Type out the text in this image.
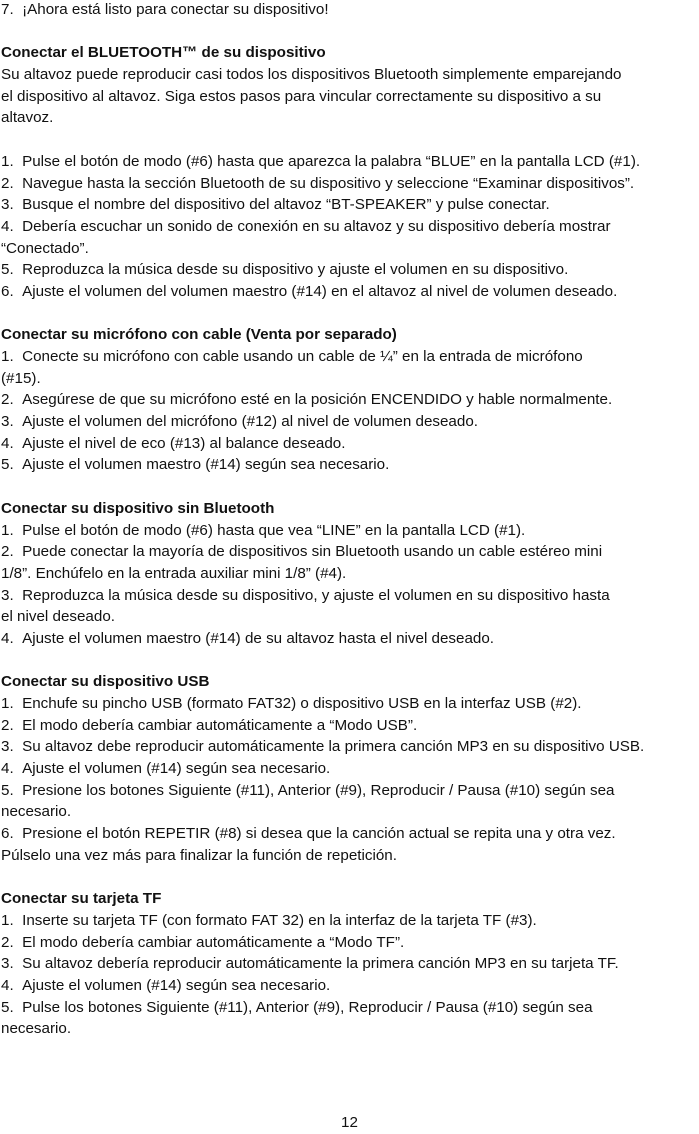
7.  ¡Ahora está listo para conectar su dispositivo!
Conectar el BLUETOOTH™ de su dispositivo
Su altavoz puede reproducir casi todos los dispositivos Bluetooth simplemente emparejando
el dispositivo al altavoz. Siga estos pasos para vincular correctamente su dispositivo a su
altavoz.
1.  Pulse el botón de modo (#6) hasta que aparezca la palabra “BLUE” en la pantalla LCD (#1).
2.  Navegue hasta la sección Bluetooth de su dispositivo y seleccione “Examinar dispositivos”.
3.  Busque el nombre del dispositivo del altavoz “BT-SPEAKER” y pulse conectar.
4.  Debería escuchar un sonido de conexión en su altavoz y su dispositivo debería mostrar
“Conectado”.
5.  Reproduzca la música desde su dispositivo y ajuste el volumen en su dispositivo.
6.  Ajuste el volumen del volumen maestro (#14) en el altavoz al nivel de volumen deseado.
Conectar su micrófono con cable (Venta por separado)
1.  Conecte su micrófono con cable usando un cable de ¼” en la entrada de micrófono
(#15).
2.  Asegúrese de que su micrófono esté en la posición ENCENDIDO y hable normalmente.
3.  Ajuste el volumen del micrófono (#12) al nivel de volumen deseado.
4.  Ajuste el nivel de eco (#13) al balance deseado.
5.  Ajuste el volumen maestro (#14) según sea necesario.
Conectar su dispositivo sin Bluetooth
1.  Pulse el botón de modo (#6) hasta que vea “LINE” en la pantalla LCD (#1).
2.  Puede conectar la mayoría de dispositivos sin Bluetooth usando un cable estéreo mini
1/8”. Enchúfelo en la entrada auxiliar mini 1/8” (#4).
3.  Reproduzca la música desde su dispositivo, y ajuste el volumen en su dispositivo hasta
el nivel deseado.
4.  Ajuste el volumen maestro (#14) de su altavoz hasta el nivel deseado.
Conectar su dispositivo USB
1.  Enchufe su pincho USB (formato FAT32) o dispositivo USB en la interfaz USB (#2).
2.  El modo debería cambiar automáticamente a “Modo USB”.
3.  Su altavoz debe reproducir automáticamente la primera canción MP3 en su dispositivo USB.
4.  Ajuste el volumen (#14) según sea necesario.
5.  Presione los botones Siguiente (#11), Anterior (#9), Reproducir / Pausa (#10) según sea
necesario.
6.  Presione el botón REPETIR (#8) si desea que la canción actual se repita una y otra vez.
Púlselo una vez más para finalizar la función de repetición.
Conectar su tarjeta TF
1.  Inserte su tarjeta TF (con formato FAT 32) en la interfaz de la tarjeta TF (#3).
2.  El modo debería cambiar automáticamente a “Modo TF”.
3.  Su altavoz debería reproducir automáticamente la primera canción MP3 en su tarjeta TF.
4.  Ajuste el volumen (#14) según sea necesario.
5.  Pulse los botones Siguiente (#11), Anterior (#9), Reproducir / Pausa (#10) según sea
necesario.
12
